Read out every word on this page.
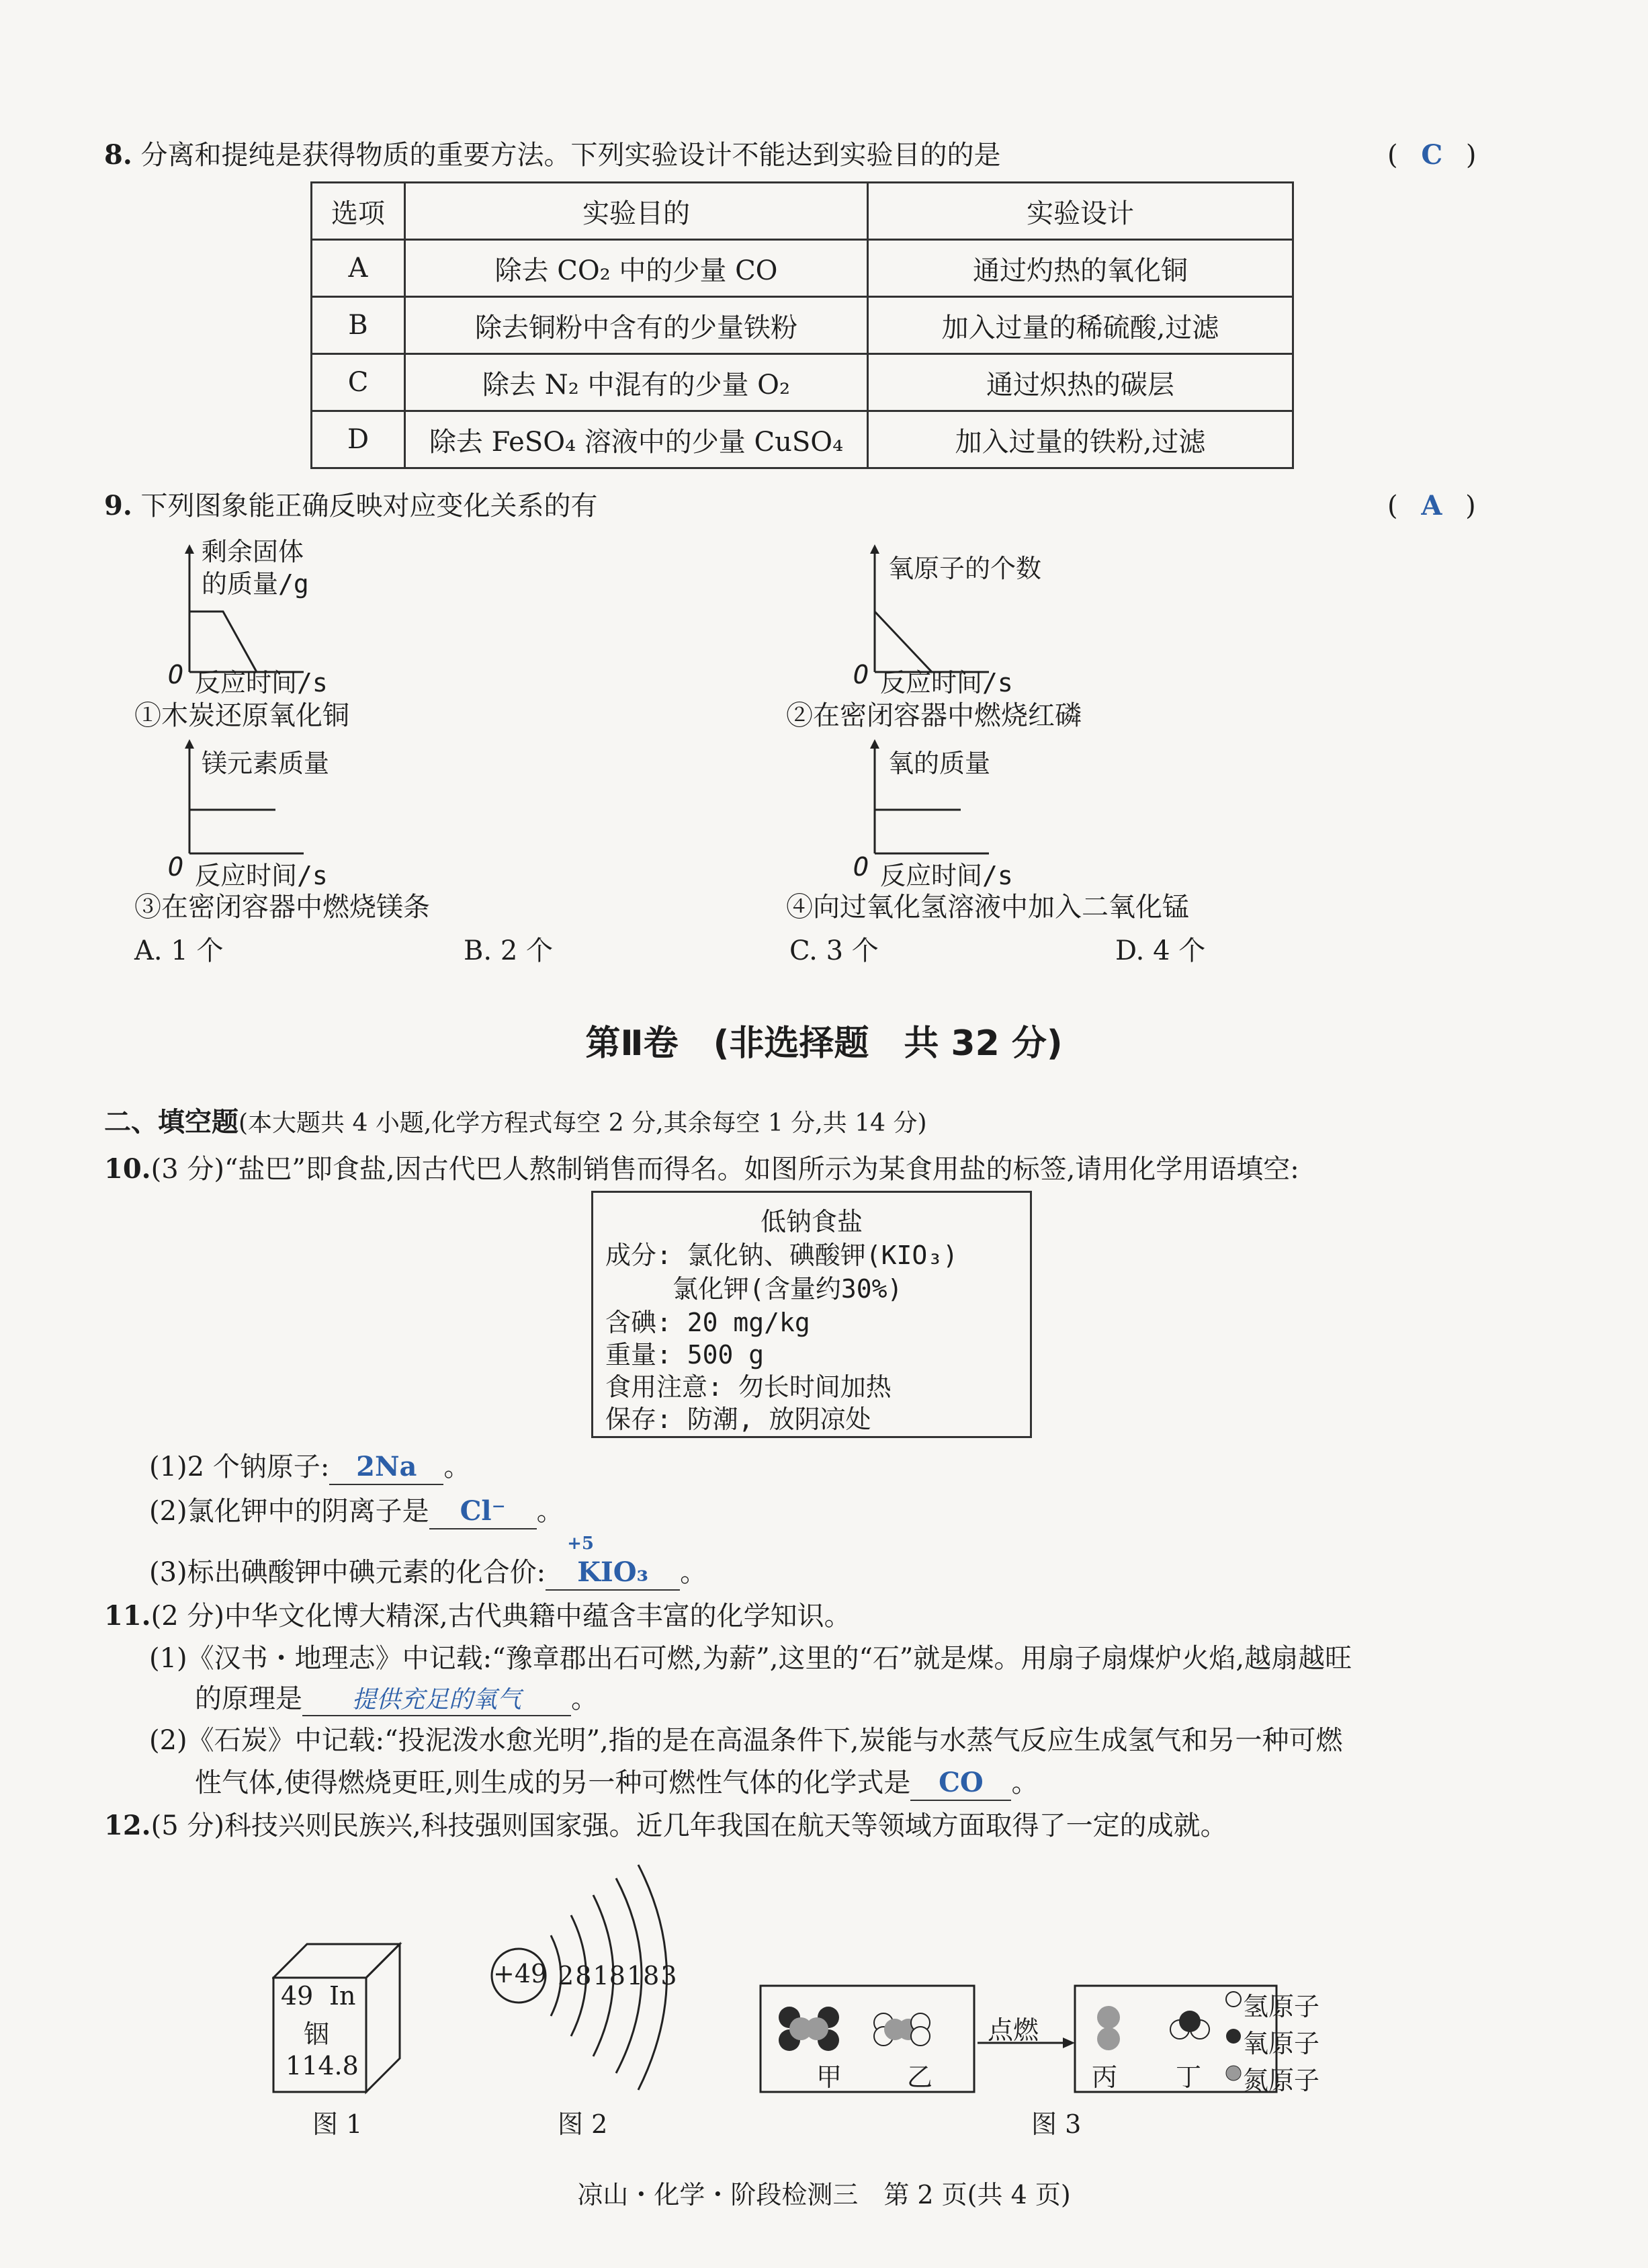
8. 分离和提纯是获得物质的重要方法。下列实验设计不能达到实验目的的是	( C )
选项	实验目的	实验设计
A	除去 CO₂ 中的少量 CO	通过灼热的氧化铜
B	除去铜粉中含有的少量铁粉	加入过量的稀硫酸,过滤
C	除去 N₂ 中混有的少量 O₂	通过炽热的碳层
D	除去 FeSO₄ 溶液中的少量 CuSO₄	加入过量的铁粉,过滤
9. 下列图象能正确反映对应变化关系的有	( A )
剩余固体
的质量/g
O 反应时间/s
①木炭还原氧化铜
氧原子的个数
O 反应时间/s
②在密闭容器中燃烧红磷
镁元素质量
O 反应时间/s
③在密闭容器中燃烧镁条
氧的质量
O 反应时间/s
④向过氧化氢溶液中加入二氧化锰
A. 1 个	B. 2 个	C. 3 个	D. 4 个
第Ⅱ卷　(非选择题　共 32 分)
二、填空题(本大题共 4 小题,化学方程式每空 2 分,其余每空 1 分,共 14 分)
10.(3 分)“盐巴”即食盐,因古代巴人熬制销售而得名。如图所示为某食用盐的标签,请用化学用语填空:
低钠食盐
成分: 氯化钠、碘酸钾(KIO₃)
氯化钾(含量约30%)
含碘: 20 mg/kg
重量: 500 g
食用注意: 勿长时间加热
保存: 防潮, 放阴凉处
(1)2 个钠原子: 2Na 。
(2)氯化钾中的阴离子是 Cl⁻ 。
(3)标出碘酸钾中碘元素的化合价:
+5
KIO₃ 。
11.(2 分)中华文化博大精深,古代典籍中蕴含丰富的化学知识。
(1)《汉书・地理志》中记载:“豫章郡出石可燃,为薪”,这里的“石”就是煤。用扇子扇煤炉火焰,越扇越旺
的原理是 提供充足的氧气 。
(2)《石炭》中记载:“投泥泼水愈光明”,指的是在高温条件下,炭能与水蒸气反应生成氢气和另一种可燃
性气体,使得燃烧更旺,则生成的另一种可燃性气体的化学式是 CO 。
12.(5 分)科技兴则民族兴,科技强则国家强。近几年我国在航天等领域方面取得了一定的成就。
49 In
铟
114.8
图 1
+49 2 8 18 18 3
图 2
甲	乙
点燃
丙 丁
氢原子
氧原子
氮原子
图 3
凉山・化学・阶段检测三　第 2 页(共 4 页)
